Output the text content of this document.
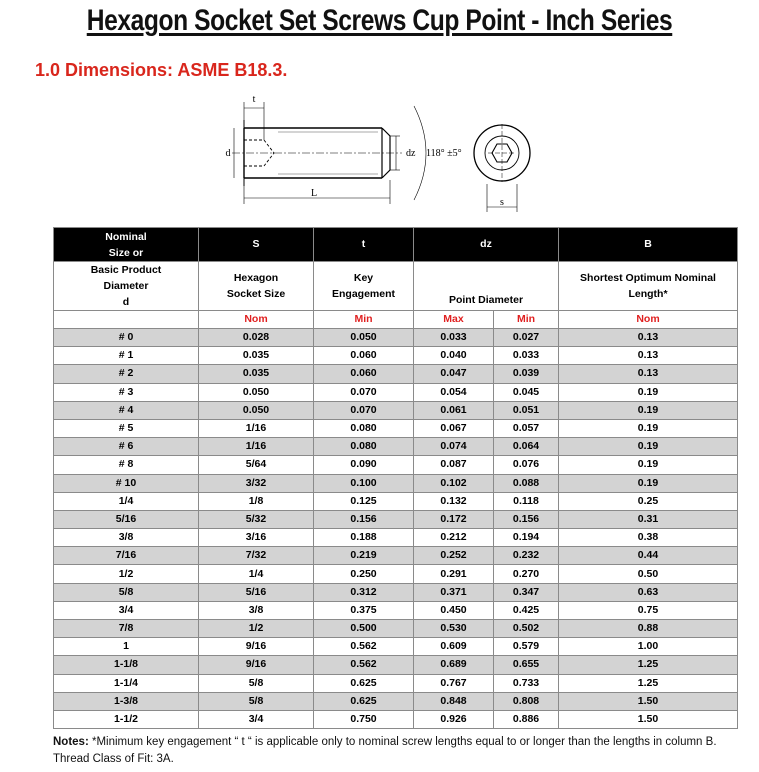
Hexagon Socket Set Screws Cup Point - Inch Series
1.0 Dimensions: ASME B18.3.
t
d	dz 118° ±5°
L
s
Nominal
Size or	S	t	dz		B

Basic Product
Diameter
d	Hexagon Socket Size	Key Engagement	Point Diameter		Shortest Optimum Nominal Length*
	Nom	Min	Max	Min	Nom
# 0	0.028	0.050	0.033	0.027	0.13
# 1	0.035	0.060	0.040	0.033	0.13
# 2	0.035	0.060	0.047	0.039	0.13
# 3	0.050	0.070	0.054	0.045	0.19
# 4	0.050	0.070	0.061	0.051	0.19
# 5	1/16	0.080	0.067	0.057	0.19
# 6	1/16	0.080	0.074	0.064	0.19
# 8	5/64	0.090	0.087	0.076	0.19
# 10	3/32	0.100	0.102	0.088	0.19
1/4	1/8	0.125	0.132	0.118	0.25
5/16	5/32	0.156	0.172	0.156	0.31
3/8	3/16	0.188	0.212	0.194	0.38
7/16	7/32	0.219	0.252	0.232	0.44
1/2	1/4	0.250	0.291	0.270	0.50
5/8	5/16	0.312	0.371	0.347	0.63
3/4	3/8	0.375	0.450	0.425	0.75
7/8	1/2	0.500	0.530	0.502	0.88
1	9/16	0.562	0.609	0.579	1.00
1-1/8	9/16	0.562	0.689	0.655	1.25
1-1/4	5/8	0.625	0.767	0.733	1.25
1-3/8	5/8	0.625	0.848	0.808	1.50
1-1/2	3/4	0.750	0.926	0.886	1.50
Notes: *Minimum key engagement “ t “ is applicable only to nominal screw lengths equal to or longer than the lengths in column B. Thread Class of Fit: 3A.
